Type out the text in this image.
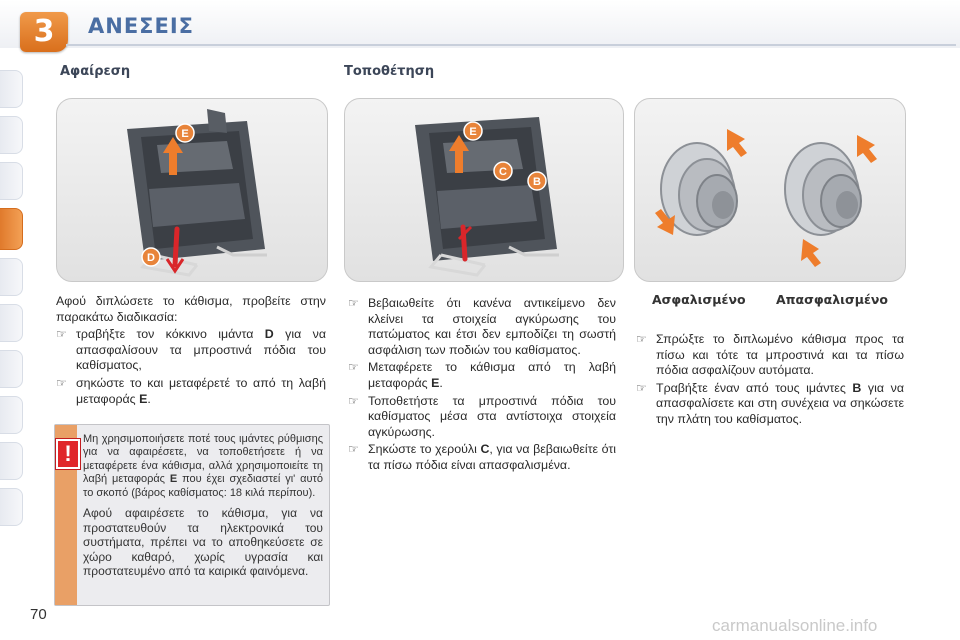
3	ΑΝΕΣΕΙΣ
Αφαίρεση	Τοποθέτηση
E
D
E
C
B

Αφού διπλώσετε το κάθισμα, προβείτε στην παρακάτω διαδικασία:

☞ τραβήξτε τον κόκκινο ιμάντα D για να απασφαλίσουν τα μπροστινά πόδια του καθίσματος,
☞ σηκώστε το και μεταφέρετέ το από τη λαβή μεταφοράς E.
!

Μη χρησιμοποιήσετε ποτέ τους ιμάντες ρύθμισης για να αφαιρέσετε, να τοποθετήσετε ή να μεταφέρετε ένα κάθισμα, αλλά χρησιμοποιείτε τη λαβή μεταφοράς E που έχει σχεδιαστεί γι' αυτό το σκοπό (βάρος καθίσματος: 18 κιλά περίπου).

Αφού αφαιρέσετε το κάθισμα, για να προστατευθούν τα ηλεκτρονικά του συστήματα, πρέπει να το αποθηκεύσετε σε χώρο καθαρό, χωρίς υγρασία και προστατευμένο από τα καιρικά φαινόμενα.

☞ Βεβαιωθείτε ότι κανένα αντικείμενο δεν κλείνει τα στοιχεία αγκύρωσης του πατώματος και έτσι δεν εμποδίζει τη σωστή ασφάλιση των ποδιών του καθίσματος.
☞ Μεταφέρετε το κάθισμα από τη λαβή μεταφοράς E.
☞ Τοποθετήστε τα μπροστινά πόδια του καθίσματος μέσα στα αντίστοιχα στοιχεία αγκύρωσης.
☞ Σηκώστε το χερούλι C, για να βεβαιωθείτε ότι τα πίσω πόδια είναι απασφαλισμένα.
Ασφαλισμένο Απασφαλισμένο
☞ Σπρώξτε το διπλωμένο κάθισμα προς τα πίσω και τότε τα μπροστινά και τα πίσω πόδια ασφαλίζουν αυτόματα.
☞ Τραβήξτε έναν από τους ιμάντες B για να απασφαλίσετε και στη συνέχεια να σηκώσετε την πλάτη του καθίσματος.
70
carmanualsonline.info
